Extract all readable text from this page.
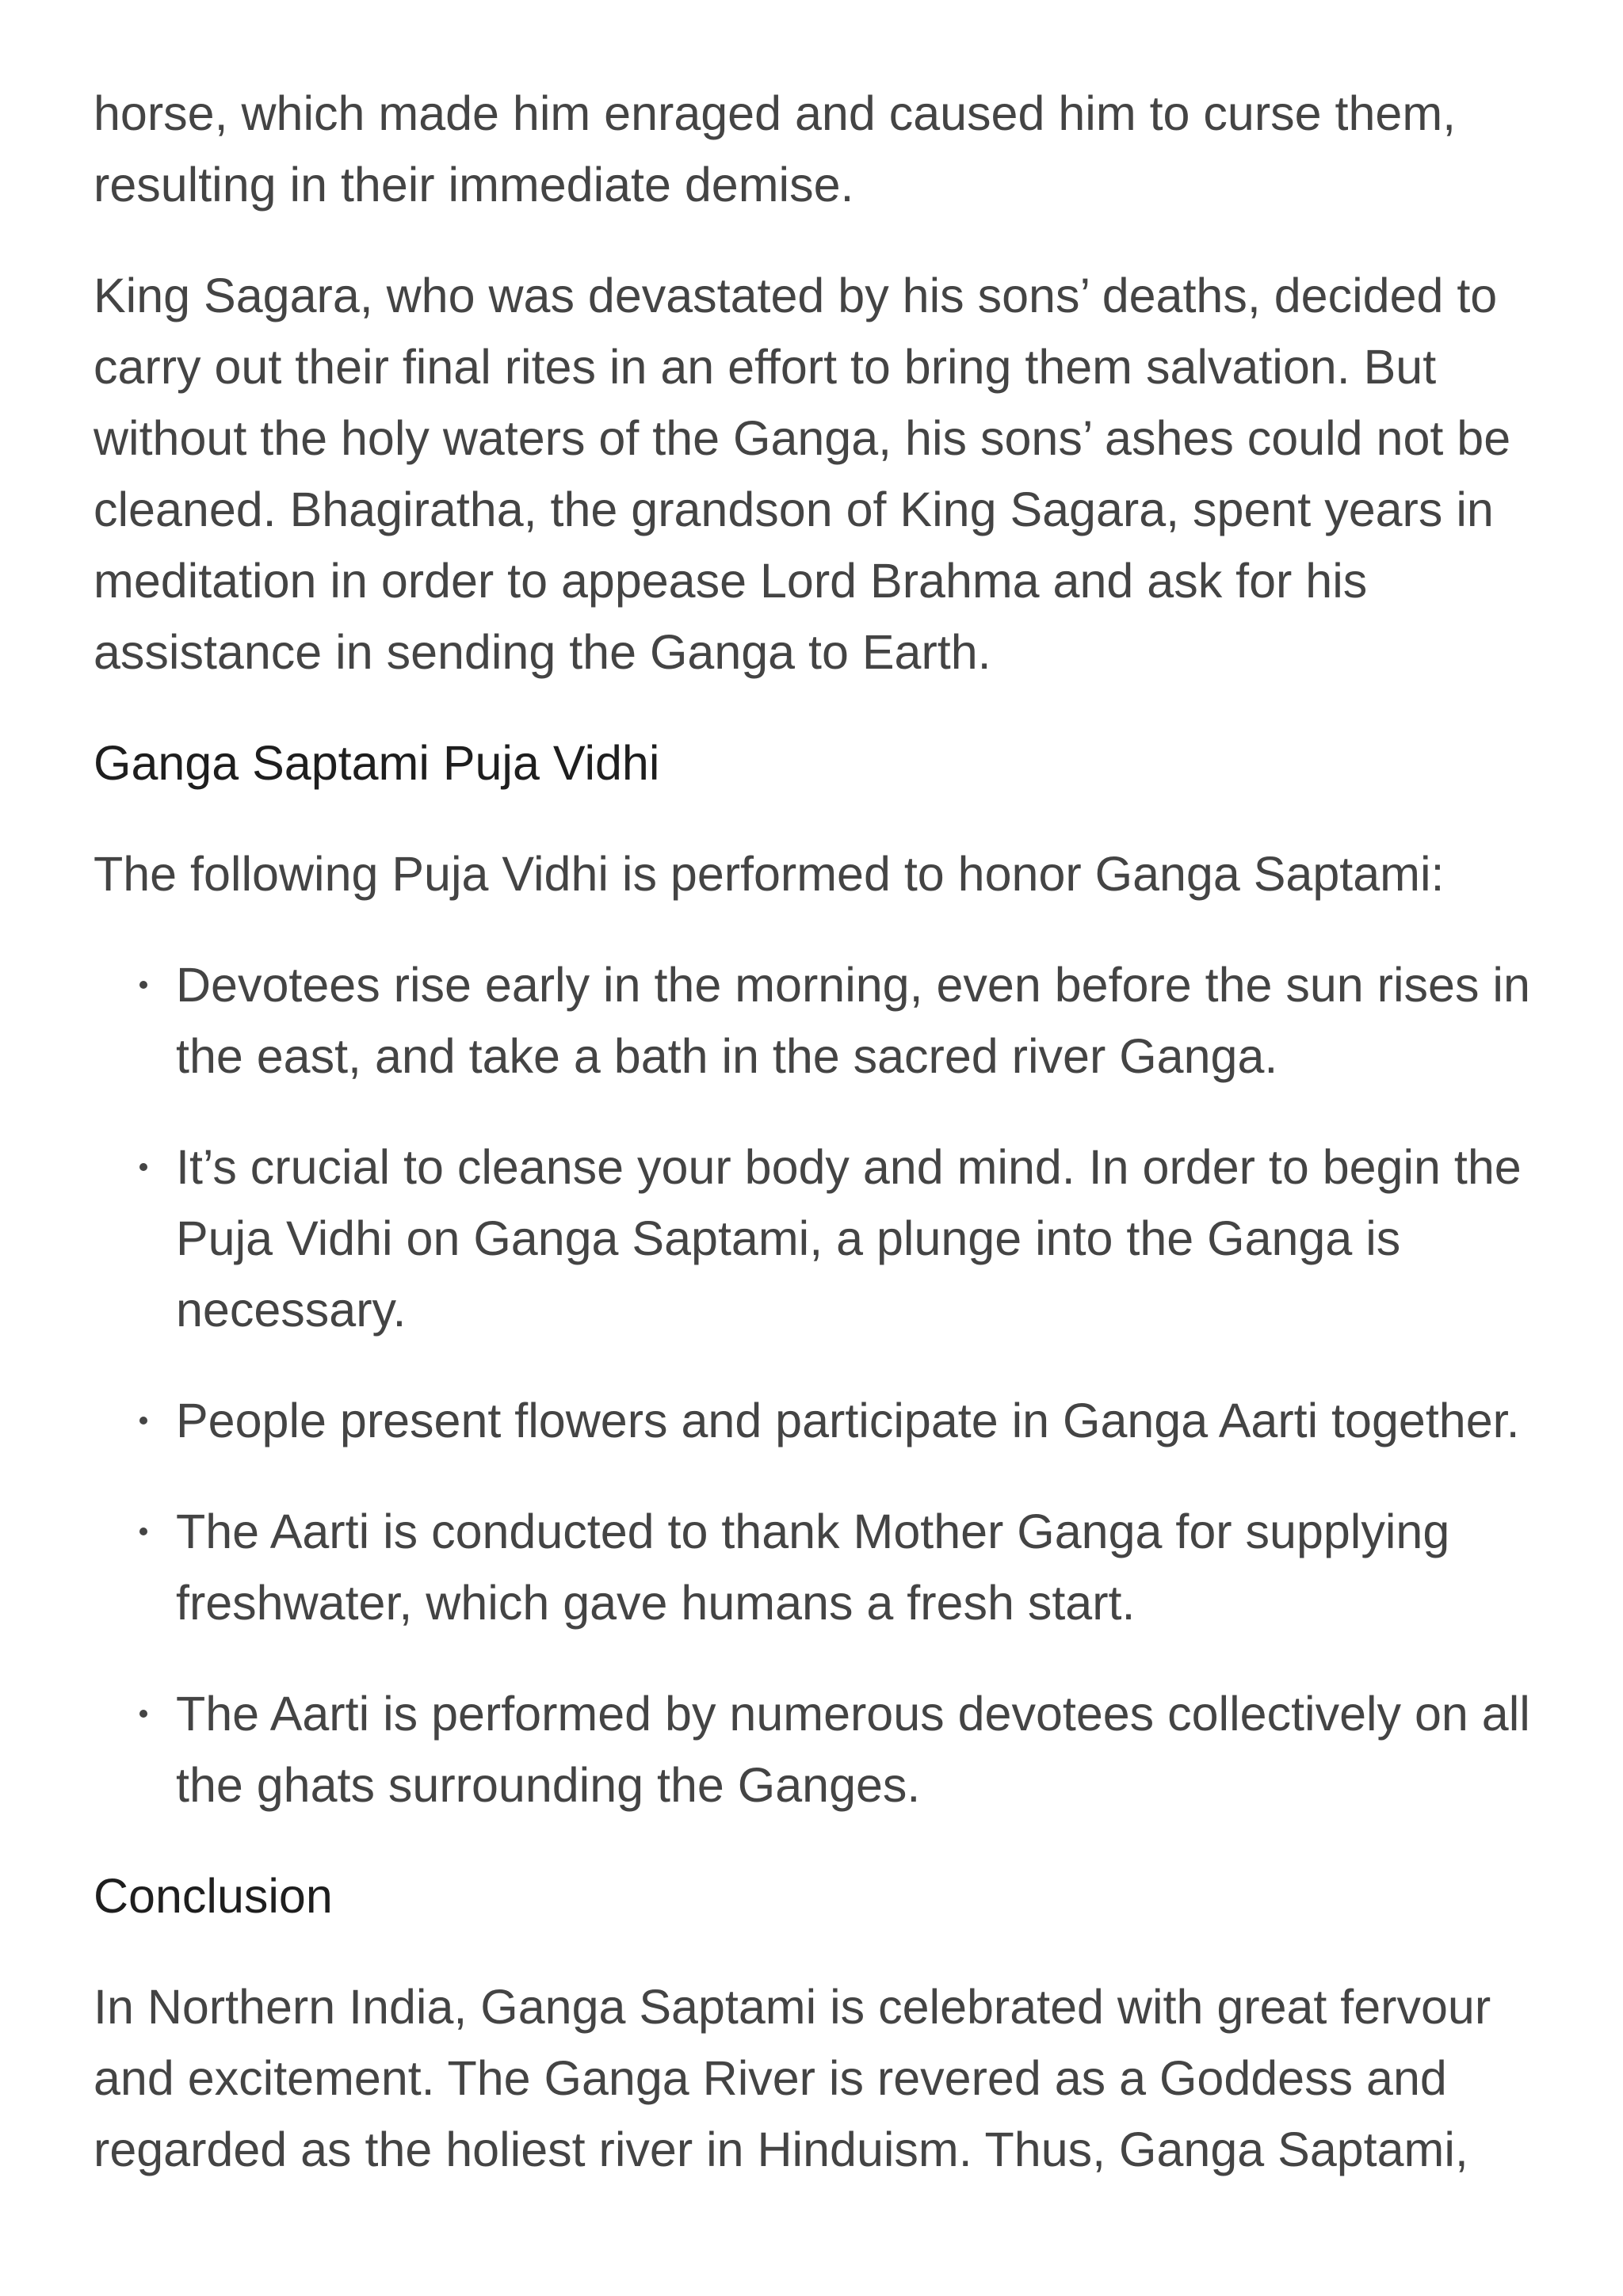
horse, which made him enraged and caused him to curse them, resulting in their immediate demise.

King Sagara, who was devastated by his sons’ deaths, decided to carry out their final rites in an effort to bring them salvation. But without the holy waters of the Ganga, his sons’ ashes could not be cleaned. Bhagiratha, the grandson of King Sagara, spent years in meditation in order to appease Lord Brahma and ask for his assistance in sending the Ganga to Earth.

Ganga Saptami Puja Vidhi

The following Puja Vidhi is performed to honor Ganga Saptami:

Devotees rise early in the morning, even before the sun rises in the east, and take a bath in the sacred river Ganga.
It’s crucial to cleanse your body and mind. In order to begin the Puja Vidhi on Ganga Saptami, a plunge into the Ganga is necessary.
People present flowers and participate in Ganga Aarti together.
The Aarti is conducted to thank Mother Ganga for supplying freshwater, which gave humans a fresh start.
The Aarti is performed by numerous devotees collectively on all the ghats surrounding the Ganges.
Conclusion

In Northern India, Ganga Saptami is celebrated with great fervour and excitement. The Ganga River is revered as a Goddess and regarded as the holiest river in Hinduism. Thus, Ganga Saptami,
